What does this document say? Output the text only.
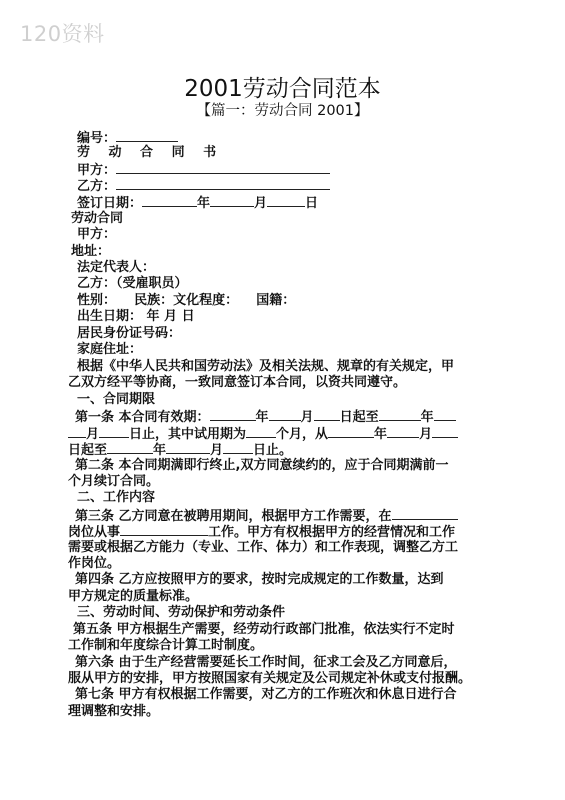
120资料
2001劳动合同范本
【篇一：劳动合同 2001】
编号：
劳 动 合 同 书
甲方：
乙方：
签订日期：	年	月	日
劳动合同
甲方：
地址：
法定代表人：
乙方：（受雇职员）
性别： 民族：文化程度： 国籍：
出生日期： 年 月 日
居民身份证号码：
家庭住址：
根据《中华人民共和国劳动法》及相关法规、规章的有关规定，甲
乙双方经平等协商，一致同意签订本合同，以资共同遵守。
一、合同期限
第一条 本合同有效期：	年 月 日起至	年
月 日止，其中试用期为 个月，从	年 月
日起至	年	月 日止。
第二条 本合同期满即行终止,双方同意续约的，应于合同期满前一
个月续订合同。
二、工作内容
第三条 乙方同意在被聘用期间，根据甲方工作需要，在
岗位从事	工作。甲方有权根据甲方的经营情况和工作
需要或根据乙方能力（专业、工作、体力）和工作表现，调整乙方工
作岗位。
第四条 乙方应按照甲方的要求，按时完成规定的工作数量，达到
甲方规定的质量标准。
三、劳动时间、劳动保护和劳动条件
第五条 甲方根据生产需要，经劳动行政部门批准，依法实行不定时
工作制和年度综合计算工时制度。
第六条 由于生产经营需要延长工作时间，征求工会及乙方同意后，
服从甲方的安排，甲方按照国家有关规定及公司规定补休或支付报酬。
第七条 甲方有权根据工作需要，对乙方的工作班次和休息日进行合
理调整和安排。
